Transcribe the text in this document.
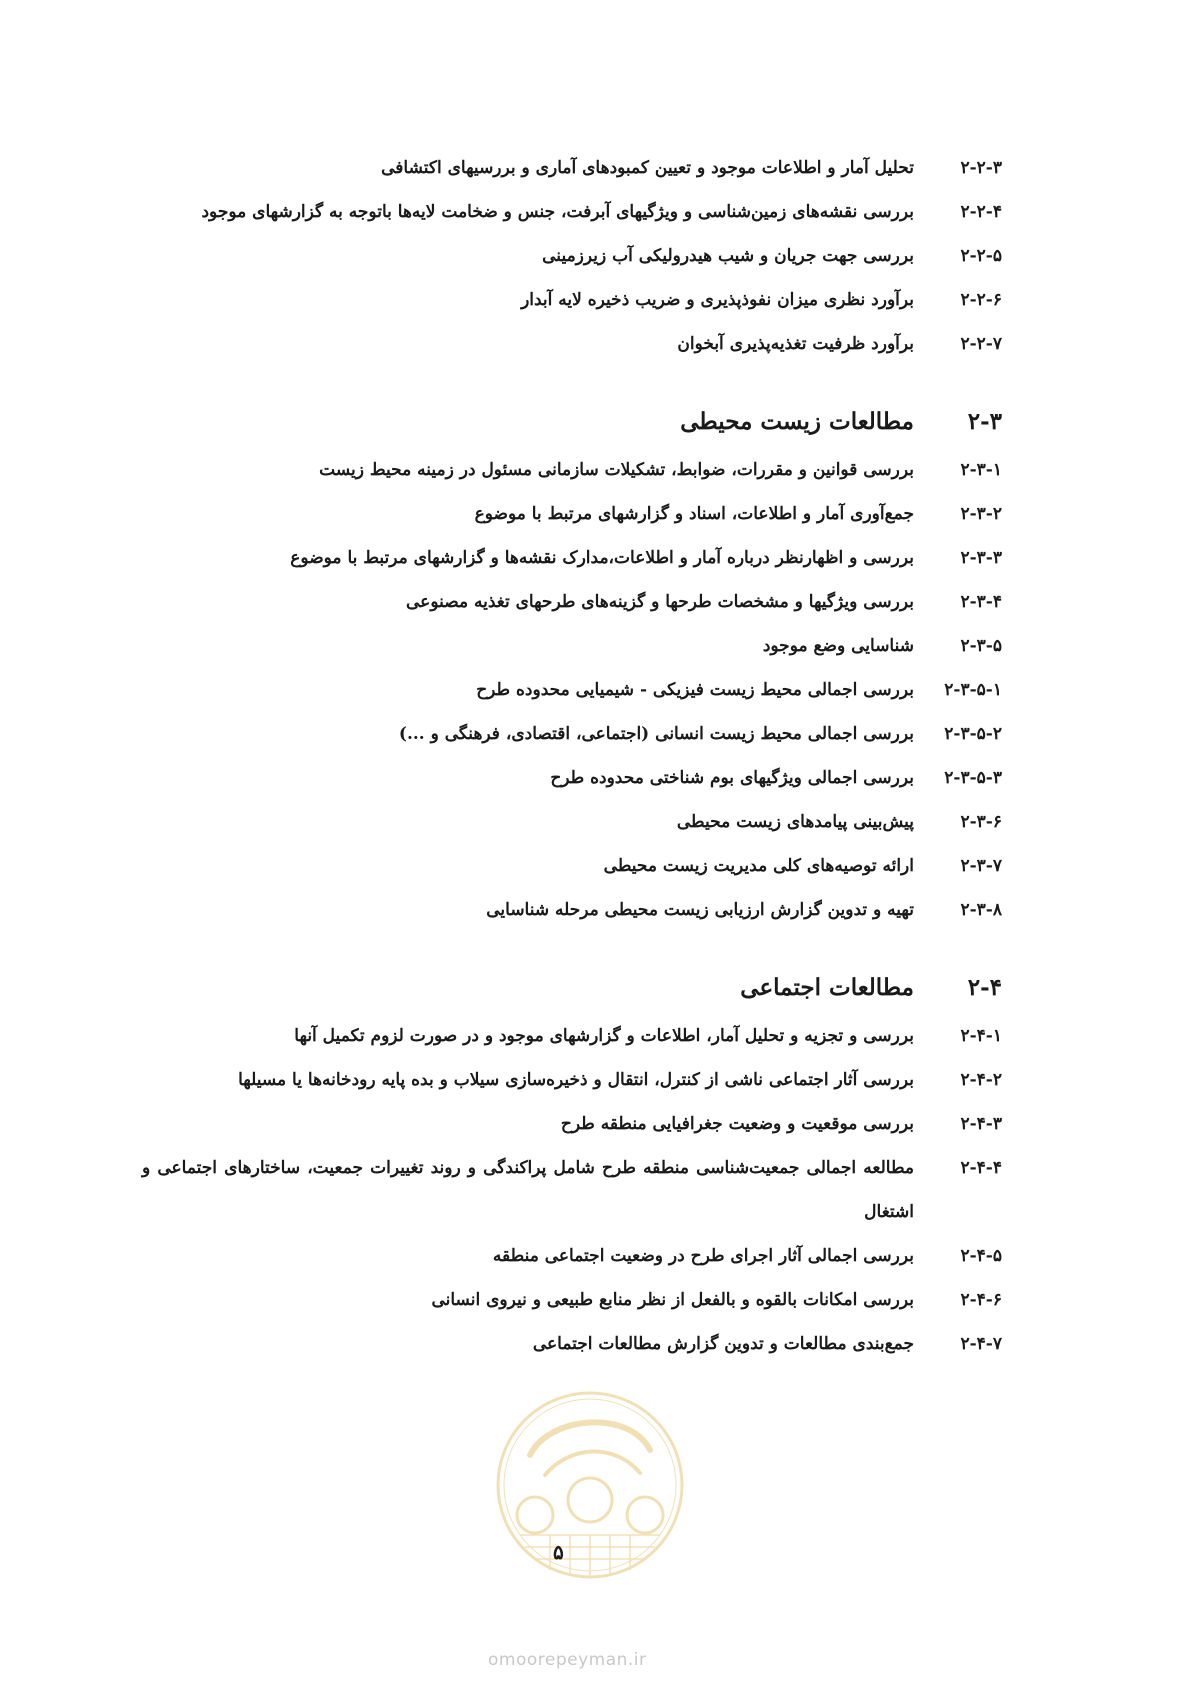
۲-۲-۳
تحلیل آمار و اطلاعات موجود و تعیین کمبودهای آماری و بررسیهای اکتشافی
۲-۲-۴
بررسی نقشه‌های زمین‌شناسی و ویژگیهای آبرفت، جنس و ضخامت لایه‌ها باتوجه به گزارشهای موجود
۲-۲-۵
بررسی جهت جریان و شیب هیدرولیکی آب زیرزمینی
۲-۲-۶
برآورد نظری میزان نفوذپذیری و ضریب ذخیره لایه آبدار
۲-۲-۷
برآورد ظرفیت تغذیه‌پذیری آبخوان
۲-۳
مطالعات زیست محیطی
۲-۳-۱
بررسی قوانین و مقررات، ضوابط، تشکیلات سازمانی مسئول در زمینه محیط زیست
۲-۳-۲
جمع‌آوری آمار و اطلاعات، اسناد و گزارشهای مرتبط با موضوع
۲-۳-۳
بررسی و اظهارنظر درباره آمار و اطلاعات،مدارک نقشه‌ها و گزارشهای مرتبط با موضوع
۲-۳-۴
بررسی ویژگیها و مشخصات طرحها و گزینه‌های طرحهای تغذیه مصنوعی
۲-۳-۵
شناسایی وضع موجود
۲-۳-۵-۱
بررسی اجمالی محیط زیست فیزیکی - شیمیایی محدوده طرح
۲-۳-۵-۲
بررسی اجمالی محیط زیست انسانی (اجتماعی، اقتصادی، فرهنگی و ...)
۲-۳-۵-۳
بررسی اجمالی ویژگیهای بوم شناختی محدوده طرح
۲-۳-۶
پیش‌بینی پیامدهای زیست محیطی
۲-۳-۷
ارائه توصیه‌های کلی مدیریت زیست محیطی
۲-۳-۸
تهیه و تدوین گزارش ارزیابی زیست محیطی مرحله شناسایی
۲-۴
مطالعات اجتماعی
۲-۴-۱
بررسی و تجزیه و تحلیل آمار، اطلاعات و گزارشهای موجود و در صورت لزوم تکمیل آنها
۲-۴-۲
بررسی آثار اجتماعی ناشی از کنترل، انتقال و ذخیره‌سازی سیلاب و بده پایه رودخانه‌ها یا مسیلها
۲-۴-۳
بررسی موقعیت و وضعیت جغرافیایی منطقه طرح
۲-۴-۴
مطالعه اجمالی جمعیت‌شناسی منطقه طرح شامل پراکندگی و روند تغییرات جمعیت، ساختارهای اجتماعی و اشتغال
۲-۴-۵
بررسی اجمالی آثار اجرای طرح در وضعیت اجتماعی منطقه
۲-۴-۶
بررسی امکانات بالقوه و بالفعل از نظر منابع طبیعی و نیروی انسانی
۲-۴-۷
جمع‌بندی مطالعات و تدوین گزارش مطالعات اجتماعی
۵
omoorepeyman.ir
